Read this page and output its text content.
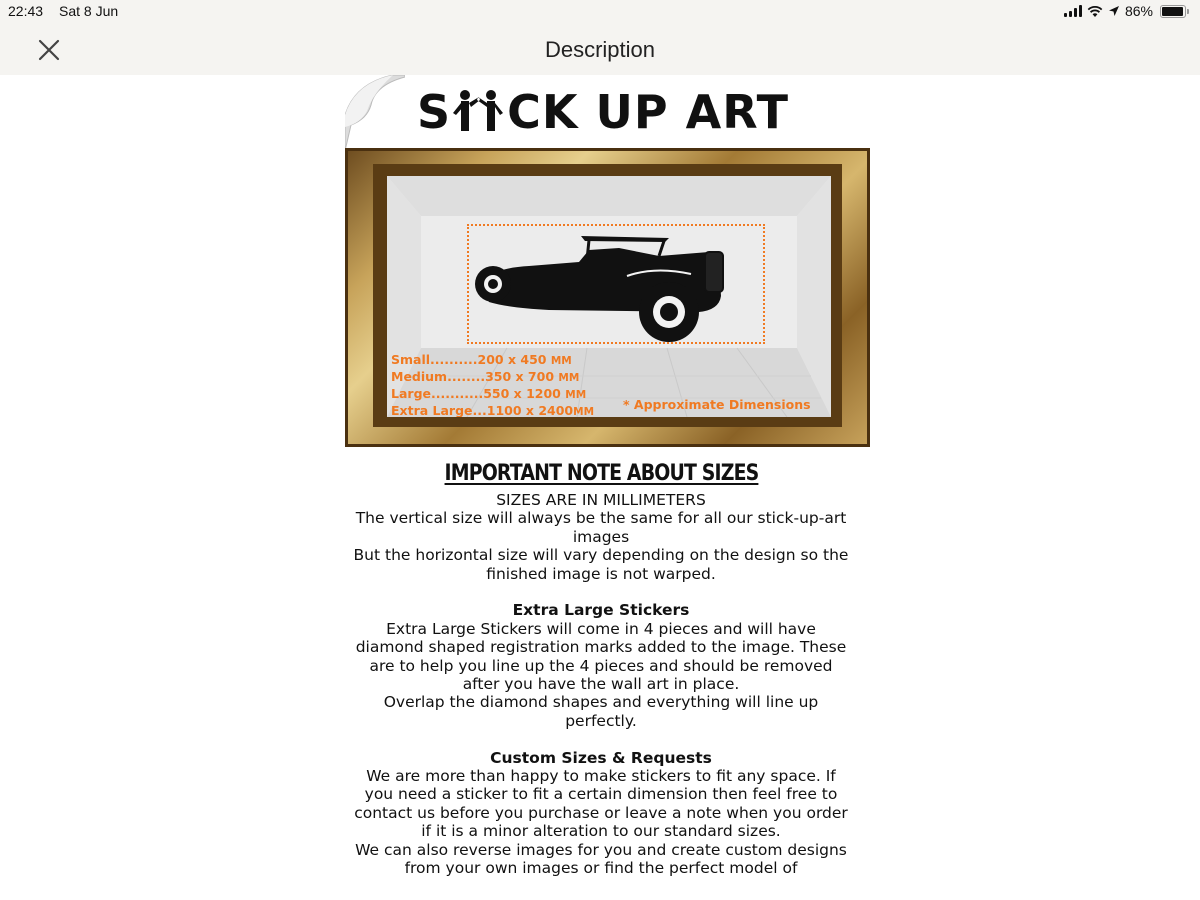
22:43 Sat 8 Jun	86%
Description
S CK UP ART
Small..........200 x 450 MM
Medium........350 x 700 MM
Large...........550 x 1200 MM
Extra Large...1100 x 2400MM * Approximate Dimensions
IMPORTANT NOTE ABOUT SIZES

SIZES ARE IN MILLIMETERS

The vertical size will always be the same for all our stick-up-art images

But the horizontal size will vary depending on the design so the finished image is not warped.

Extra Large Stickers

Extra Large Stickers will come in 4 pieces and will have diamond shaped registration marks added to the image. These are to help you line up the 4 pieces and should be removed after you have the wall art in place.

Overlap the diamond shapes and everything will line up perfectly.

Custom Sizes & Requests

We are more than happy to make stickers to fit any space. If you need a sticker to fit a certain dimension then feel free to contact us before you purchase or leave a note when you order if it is a minor alteration to our standard sizes.

We can also reverse images for you and create custom designs from your own images or find the perfect model of
